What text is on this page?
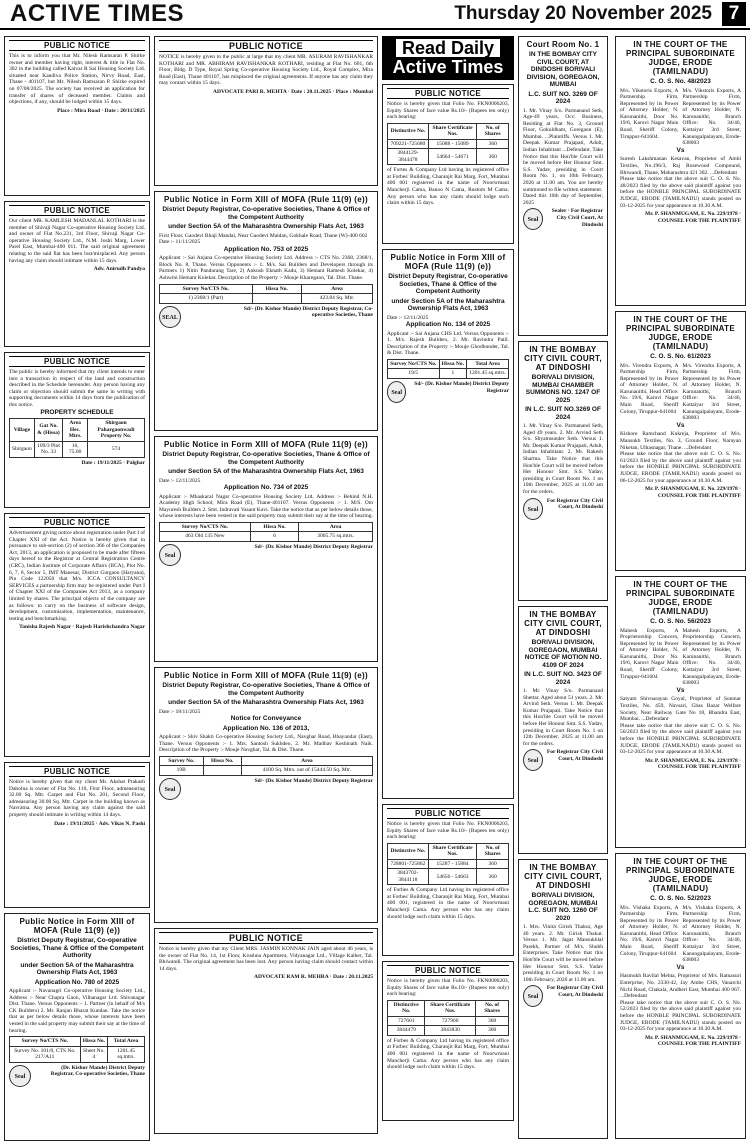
ACTIVE TIMES	Thursday 20 November 2025 7
PUBLIC NOTICE
This is to inform you that Mr. Nilesh Ramsaran P. Shirke owner and member having right, interest & title in Flat No. 302 in the building called Kaivar R Sai Housing Society Ltd. situated near Kandiva Police Station, Nirvy Road, East, Thane - 401107, but Mr. Nilesh Ramsaran P. Shirke expired on 07/08/2025. The society has received an application for transfer of shares of deceased member. Claims and objections, if any, should be lodged within 15 days.
Place : Mira Road · Date : 20/11/2025
PUBLIC NOTICE
Our client MR. KAMLESH MADANLAL KOTHARI is the member of Shivaji Nagar Co-operative Housing Society Ltd. and owner of Flat No.231, 3rd Floor, Shivaji Nagar Co-operative Housing Society Ltd., N.M. Joshi Marg, Lower Parel East, Mumbai-400 011. The said original agreement relating to the said flat has been lost/misplaced. Any person having any claim should intimate within 15 days.
Adv. Anirudh Pandya
PUBLIC NOTICE
The public is hereby informed that my client intends to enter into a transaction in respect of the land and construction described in the Schedule hereunder. Any person having any claim or objection should submit the same in writing with supporting documents within 14 days from the publication of this notice.
PROPERTY SCHEDULE
Village	Gat No. & (Hissa)	Area Hec. Mtrs.	Shirgaon Pahargaonwadi Property No.
Shirgaon	109/3 Plot No. 33	16, 75.00	574
Date : 19/11/2025 · Palghar
PUBLIC NOTICE
Advertisement giving notice about registration under Part I of Chapter XXI of the Act. Notice is hereby given that in pursuance to sub-section (2) of section 366 of the Companies Act, 2013, an application is proposed to be made after fifteen days hereof to the Registrar at Central Registration Centre (CRC), Indian Institute of Corporate Affairs (IICA), Plot No. 6, 7, 8, Sector 5, IMT Manesar, District Gurgaon (Haryana), Pin Code 122050 that M/s. ICCA CONSULTANCY SERVICES a partnership firm may be registered under Part I of Chapter XXI of the Companies Act 2013, as a company limited by shares. The principal objects of the company are as follows: to carry on the business of software design, development, customisation, implementation, maintenance, testing and benchmarking.
Tanisha Rajesh Nagar · Rajesh Harishchandra Nagar
PUBLIC NOTICE
Notice is hereby given that my client Mr. Akshat Prakash Dabolna is owner of Flat No. 110, First Floor, admeasuring 32.00 Sq. Mtr. Carpet and Flat No. 201, Second Floor, admeasuring 30.00 Sq. Mtr. Carpet in the building known as Navratna. Any person having any claim against the said property should intimate in writing within 14 days.
Date : 19/11/2025 · Adv. Vikas N. Pashi
Public Notice in Form XIII of MOFA (Rule 11(9) (e))
District Deputy Registrar, Co-operative Societies, Thane & Office of the Competent Authority
under Section 5A of the Maharashtra Ownership Flats Act, 1963
Application No. 780 of 2025
Applicant :- Navanagri Co-operative Housing Society Ltd., Address :- Near Chapra Gaon, Vilhanagar Ltd. Shivanagar Dist. Thane. Versus Opponents :- 1. Partner (in behalf of M/s CK Builders) 2. Mr. Ranjan Bharat Kundan. Take the notice that as per below details those, whose interests have been vested in the said property may submit their say at the time of hearing.
Survey No/CTS No.	Hissa No.	Total Area
Survey No. 101/8, CTS No. 217/A11	Sheet No. 4	1201.45 sq.mtrs.
Seal
(Dr. Kishor Mande) District Deputy Registrar, Co-operative Societies, Thane
PUBLIC NOTICE
NOTICE is hereby given to the public at large that my client MR. ASURAM RAVISHANKAR KOTHARI and MR. ABHIRAM RAVISHANKAR KOTHARI, residing at Flat No. 601, 6th Floor, Bldg. D Type, Royal Spring Co-operative Housing Society Ltd., Royal Complex, Mira Road (East), Thane 401107, has misplaced the original agreements. If anyone has any claim they may contact within 15 days.
ADVOCATE PARI R. MEHTA · Date : 20.11.2025 · Place : Mumbai
Public Notice in Form XIII of MOFA (Rule 11(9) (e))
District Deputy Registrar, Co-operative Societies, Thane & Office of the Competent Authority
under Section 5A of the Maharashtra Ownership Flats Act, 1963
First Floor, Gaodevi Bhaji Mandai, Near Gaodevi Maidan, Gokhale Road, Thane (W)-400 602
Date :- 11/11/2025
Application No. 753 of 2025
Applicant :- Sai Anjana Co-operative Housing Society Ltd. Address :- CTS No. 2368, 2368/1, Block No. 8, Thane. Versus Opponents :- 1. M/s. Sai Builders and Developers through its Partners 1) Nitin Pandurang Tare, 2) Ankush Eknath Kadu, 3) Hemant Ramesh Kolekar, 4) Ashwini Hemant Kolekar. Description of the Property :- Mouje Kharegaon, Tal. Dist. Thane.
Survey No/CTS No.	Hissa No.	Area
1) 2368/1 (Part)		423.84 Sq. Mtr.
SEAL
Sd/- (Dr. Kishor Mande) District Deputy Registrar, Co-operative Societies, Thane
Public Notice in Form XIII of MOFA (Rule 11(9) (e))
District Deputy Registrar, Co-operative Societies, Thane & Office of the Competent Authority
under Section 5A of the Maharashtra Ownership Flats Act, 1963
Date :- 12/11/2025
Application No. 734 of 2025
Applicant :- Mhaskaral Nagar Co-operative Housing Society Ltd. Address :- Behind N.H. Academy High School, Mira Road (E), Thane-401107. Versus Opponents :- 1. M/S. Om Mayuresh Builders 2. Smt. Indravati Vasant Kavi. Take the notice that as per below details those, whose interests have been vested in the said property may submit their say at the time of hearing.
Survey No/CTS No.	Hissa No.	Area
463 Old 135 New	6	3005.75 sq.mtrs.
Seal
Sd/- (Dr. Kishor Mande) District Deputy Registrar
Public Notice in Form XIII of MOFA (Rule 11(9) (e))
District Deputy Registrar, Co-operative Societies, Thane & Office of the Competent Authority
under Section 5A of the Maharashtra Ownership Flats Act, 1963
Date :- 18/11/2025
Notice for Conveyance
Application No. 136 of 2013,
Applicant :- Shiv Shakti Co-operative Housing Society Ltd., Navghar Road, Bhayandar (East), Thane. Versus Opponents :- 1. Mrs. Santosh Sukhdeo, 2. Mr. Madhav Keshinath Naik. Description of the Property :- Mouje Navghar, Tal. & Dist. Thane.
Survey No.	Hissa No.	Area
19B		4100 Sq. Mtrs. out of 15444.50 Sq. Mtr.
Seal
Sd/- (Dr. Kishor Mande) District Deputy Registrar
PUBLIC NOTICE
Notice is hereby given that my Client MRS. JASMIN KONNAK JAIN aged about 46 years, is the owner of Flat No. 14, 1st Floor, Krushna Apartment, Vidyanagar Ltd., Village Kalher, Tal. Bhiwandi. The original agreement has been lost. Any person having claim should contact within 14 days.
ADVOCATE RAM R. MEHRA · Date : 20.11.2025
Read Daily
Active Times
PUBLIC NOTICE
Notice is hereby given that Folio No. FKN0006203, Equity Shares of face value Rs.10/- (Rupees ten only) each bearing:
Distinctive No.	Share Certificate Nos.	No. of Shares
709221-725680	15088 - 15089	360
3844129-3844478	54664 - 54671	360
of Fortes & Company Ltd having its registered office at Forbes' Building, Charanjit Rai Marg, Fort, Mumbai 400 001 registered in the name of Noorwmani Mancherji Cama, Banoo N Cama, Rustom M Cama. Any person who has any claim should lodge such claim within 15 days.
Public Notice in Form XIII of MOFA (Rule 11(9) (e))
District Deputy Registrar, Co-operative Societies, Thane & Office of the Competent Authority
under Section 5A of the Maharashtra Ownership Flats Act, 1963
Date :- 12/11/2025
Application No. 134 of 2025
Applicant :- Sai Anjana CHS Ltd. Versus Opponents :- 1. M/s. Rajesh Builders, 2. Mr. Ravindra Patil. Description of the Property :- Mouje Ghodbunder, Tal. & Dist. Thane.
Survey No/CTS No.	Hissa No.	Total Area
19/5	1	1201.45 sq.mtrs.
Seal
Sd/- (Dr. Kishor Mande) District Deputy Registrar
PUBLIC NOTICE
Notice is hereby given that Folio No. FKN0006203, Equity Shares of face value Rs.10/- (Rupees ten only) each bearing:
Distinctive No.	Share Certificate Nos.	No. of Shares
728801-725862	15287 - 15884	360
3843702-3844118	54656 - 54663	360
of Forbes & Company Ltd having its registered office at Forbes' Building, Charanjit Rai Marg, Fort, Mumbai 400 001, registered in the name of Noorwmani Mancherji Cama. Any person who has any claim should lodge such claim within 15 days.
PUBLIC NOTICE
Notice is hereby given that Folio No. FKN0006203, Equity Shares of face value Rs.10/- (Rupees ten only) each bearing:
Distinctive No.	Share Certificate Nos.	No. of Shares
727601	727960	360
3844479	3843830	360
of Forbes & Company Ltd having its registered office at Forbes' Building, Charanjit Rai Marg, Fort, Mumbai 400 001 registered in the name of Noorwmani Mancherji Cama. Any person who has any claim should lodge such claim within 15 days.
IN THE COURT OF THE PRINCIPAL SUBORDINATE JUDGE, ERODE (TAMILNADU)
C. O. S. No. 48/2023
M/s. Vikstoris Exports, A Partnership Firm, Represented by its Power of Attorney Holder, N. Karunanithi, Door No. 19/6, Karuvi Nagar Main Road, Sheriff Colony, Tiruppur-641604.
M/s. Vikstoris Exports, A Partnership Firm, Represented by its Power of Attorney Holder, N. Karunanithi, Branch Office: No. 34/46, Kottaiyar 3rd Street, Kanungalpalayam, Erode-638003
Vs
Suresh Lakshmanan Kesavan, Proprietor of Ambi Textiles, No.196/3, Raj Rosewood Compound, Bhiwandi, Thane, Maharashtra 421 302. ...Defendant
Please take notice that the above suit C. O. S. No. 48/2023 filed by the above said plaintiff against you before the HONBLE PRINCIPAL SUBORDINATE JUDGE, ERODE (TAMILNADU) stands posted on 03-12-2025 for your appearance at 10.30 A.M.
Mr. P. SHANMUGAM, E. No. 229/1978 · COUNSEL FOR THE PLAINTIFF
IN THE COURT OF THE PRINCIPAL SUBORDINATE JUDGE, ERODE (TAMILNADU)
C. O. S. No. 61/2023
M/s. Virendra Exports, A Partnership Firm, Represented by its Power of Attorney Holder, N. Karunanithi, Head Office: No. 19/6, Karuvi Nagar Main Road, Sheriff Colony, Tiruppur-641604
M/s. Virendra Exports, A Partnership Firm, Represented by its Power of Attorney Holder, N. Karunanithi, Branch Office: No. 34/46, Kottaiyar 3rd Street, Kanungalpalayam, Erode-638003
Vs
Kishore Ramchand Kukreja, Proprietor of M/s. Mansukh Textiles, No. 3, Ground Floor, Narayan Niketan, Ulhasnagar, Thane. ...Defendant
Please take notice that the above suit C. O. S. No. 61/2023 filed by the above said plaintiff against you before the HONBLE PRINCIPAL SUBORDINATE JUDGE, ERODE (TAMILNADU) stands posted on 06-12-2025 for your appearance at 10.30 A.M.
Mr. P. SHANMUGAM, E. No. 229/1978 · COUNSEL FOR THE PLAINTIFF
IN THE COURT OF THE PRINCIPAL SUBORDINATE JUDGE, ERODE (TAMILNADU)
C. O. S. No. 56/2023
Mahesh Exports, A Proprietorship Concern, Represented by its Power of Attorney Holder, N. Karunanithi, Door No. 19/6, Karuvi Nagar Main Road, Sheriff Colony, Tiruppur-641604
Mahesh Exports, A Proprietorship Concern, Represented by its Power of Attorney Holder, N. Karunanithi, Branch Office: No. 34/46, Kottaiyar 3rd Street, Kanungalpalayam, Erode-638003
Vs
Satyam Shivnarayan Goyal, Proprietor of Sonmar Textiles, No. 459, Navsari, Ghas Bazar Welfare Society, Near Railway Gate No 18, Bhandra East, Mumbai. ...Defendant
Please take notice that the above suit C. O. S. No. 56/2023 filed by the above said plaintiff against you before the HONBLE PRINCIPAL SUBORDINATE JUDGE, ERODE (TAMILNADU) stands posted on 03-12-2025 for your appearance at 10.30 A.M.
Mr. P. SHANMUGAM, E. No. 229/1978 · COUNSEL FOR THE PLAINTIFF
IN THE COURT OF THE PRINCIPAL SUBORDINATE JUDGE, ERODE (TAMILNADU)
C. O. S. No. 52/2023
M/s. Vishaka Exports, A Partnership Firm, Represented by its Power of Attorney Holder, N. Karunanithi, Head Office: No. 19/6, Karuvi Nagar Main Road, Sheriff Colony, Tiruppur-641604
M/s. Vishaka Exports, A Partnership Firm, Represented by its Power of Attorney Holder, N. Karunanithi, Branch Office: No. 34/46, Kottaiyar 3rd Street, Kanungalpalayam, Erode-638003
Vs
Hasmukh Ravilal Mehta, Proprietor of M/s. Ratnasuri Enterprise, No. 2330-42, Jay Ambe CHS, Vanarchi Nichi Road, Chakala, Andheri East, Mumbai 400 067. ...Defendant
Please take notice that the above suit C. O. S. No. 52/2023 filed by the above said plaintiff against you before the HONBLE PRINCIPAL SUBORDINATE JUDGE, ERODE (TAMILNADU) stands posted on 03-12-2025 for your appearance at 10.30 A.M.
Mr. P. SHANMUGAM, E. No. 229/1978 · COUNSEL FOR THE PLAINTIFF
Court Room No. 1
IN THE BOMBAY CITY CIVIL COURT, AT DINDOSHI BORIVALI DIVISION, GOREGAON, MUMBAI
L.C. SUIT NO. 3269 OF 2024
1. Mr. Vinay S/o. Parmanand Seth, Age-49 years, Occ: Business, Residing at Flat No. 3, Ground Floor, Gokuldham, Goregaon (E), Mumbai. ...Plaintiffs. Versus 1. Mr. Deepak Kumar Prajapati, Adult, Indian Inhabitant ...Defendant. Take Notice that this Hon'ble Court will be moved before Her Honour Smt. S.S. Yadav, presiding in Court Room No. 1, on 10th February, 2026 at 11.00 am. You are hereby summoned to file written statement.
Dated this 10th day of September, 2025
Seal
Sealer · For Registrar City Civil Court, At Dindoshi
IN THE BOMBAY CITY CIVIL COURT, AT DINDOSHI
BORIVALI DIVISION, MUMBAI CHAMBER SUMMONS NO. 1247 OF 2025
IN L.C. SUIT NO.3269 OF 2024
1. Mr. Vinay S/o. Parmanand Seth, Aged 49 years. 2. Mr. Arvind Seth S/o. Shyamsunder Seth. Versus 1. Mr. Deepak Kumar Prajapati, Adult, Indian Inhabitant. 2. Mr. Rakesh Sharma. Take Notice that this Hon'ble Court will be moved before Her Honour Smt. S.S. Yadav, presiding in Court Room No. 1 on 10th December, 2025 at 11.00 am for the orders.
Seal
For Registrar City Civil Court, At Dindoshi
IN THE BOMBAY CITY CIVIL COURT, AT DINDOSHI
BORIVALI DIVISION, GOREGAON, MUMBAI NOTICE OF MOTION NO. 4109 OF 2024
IN L.C. SUIT NO. 3423 OF 2024
1. Mr. Vinay S/o. Parmanand Shettar. Aged about 51 years. 2. Mr. Arvind Seth. Versus 1. Mr. Deepak Kumar Prajapati. Take Notice that this Hon'ble Court will be moved before Her Honour Smt. S.S. Yadav, presiding in Court Room No. 1 on 12th December, 2025 at 11.00 am for the orders.
Seal
For Registrar City Civil Court, At Dindoshi
IN THE BOMBAY CITY CIVIL COURT, AT DINDOSHI
BORIVALI DIVISION, GOREGAON, MUMBAI L.C. SUIT NO. 1260 OF 2020
1. Mrs. Vinita Girish Thakur, Age 40 years. 2. Mr. Girish Thakur. Versus 1. Mr. Jagat Mansukhlal Parekh, Partner of M/s. Shubh Enterprises. Take Notice that this Hon'ble Court will be moved before Her Honour Smt. S.S. Yadav presiding in Court Room No. 1 on 10th February, 2026 at 11.00 am.
Seal
For Registrar City Civil Court, At Dindoshi
